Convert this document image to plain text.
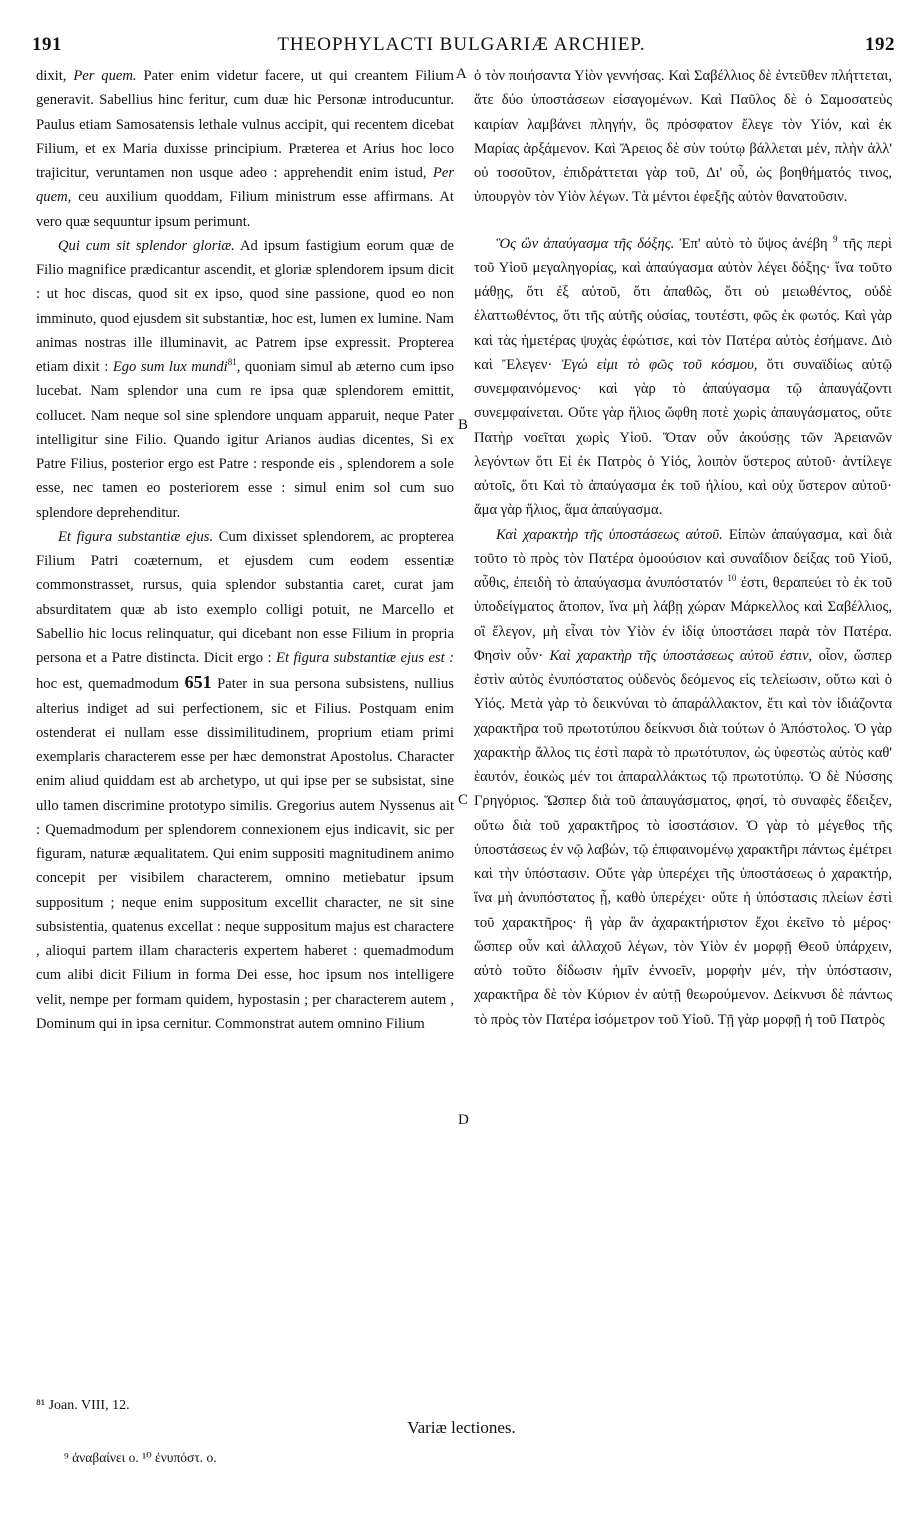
191	THEOPHYLACTI BULGARIÆ ARCHIEP.	192
A
B
C
D

dixit, Per quem. Pater enim videtur facere, ut qui creantem Filium generavit. Sabellius hinc feritur, cum duæ hic Personæ introducuntur. Paulus etiam Samosatensis lethale vulnus accipit, qui recentem dicebat Filium, et ex Maria duxisse principium. Præterea et Arius hoc loco trajicitur, veruntamen non usque adeo : apprehendit enim istud, Per quem, ceu auxilium quoddam, Filium ministrum esse affirmans. At vero quæ sequuntur ipsum perimunt.

Qui cum sit splendor gloriæ. Ad ipsum fastigium eorum quæ de Filio magnifice prædicantur ascendit, et gloriæ splendorem ipsum dicit : ut hoc discas, quod sit ex ipso, quod sine passione, quod eo non imminuto, quod ejusdem sit substantiæ, hoc est, lumen ex lumine. Nam animas nostras ille illuminavit, ac Patrem ipse expressit. Propterea etiam dixit : Ego sum lux mundi$^{81}$, quoniam simul ab æterno cum ipso lucebat. Nam splendor una cum re ipsa quæ splendorem emittit, collucet. Nam neque sol sine splendore unquam apparuit, neque Pater intelligitur sine Filio. Quando igitur Arianos audias dicentes, Si ex Patre Filius, posterior ergo est Patre : responde eis , splendorem a sole esse, nec tamen eo posteriorem esse : simul enim sol cum suo splendore deprehenditur.

Et figura substantiæ ejus. Cum dixisset splendorem, ac propterea Filium Patri coæternum, et ejusdem cum eodem essentiæ commonstrasset, rursus, quia splendor substantia caret, curat jam absurditatem quæ ab isto exemplo colligi potuit, ne Marcello et Sabellio hic locus relinquatur, qui dicebant non esse Filium in propria persona et a Patre distincta. Dicit ergo : Et figura substantiæ ejus est : hoc est, quemadmodum 651 Pater in sua persona subsistens, nullius alterius indiget ad sui perfectionem, sic et Filius. Postquam enim ostenderat ei nullam esse dissimilitudinem, proprium etiam primi exemplaris characterem esse per hæc demonstrat Apostolus. Character enim aliud quiddam est ab archetypo, ut qui ipse per se subsistat, sine ullo tamen discrimine prototypo similis. Gregorius autem Nyssenus ait : Quemadmodum per splendorem connexionem ejus indicavit, sic per figuram, naturæ æqualitatem. Qui enim suppositi magnitudinem animo concepit per visibilem characterem, omnino metiebatur ipsum suppositum ; neque enim suppositum excellit character, ne sit sine subsistentia, quatenus excellat : neque suppositum majus est charactere , alioqui partem illam characteris expertem haberet : quemadmodum cum alibi dicit Filium in forma Dei esse, hoc ipsum nos intelligere velit, nempe per formam quidem, hypostasin ; per characterem autem , Dominum qui in ipsa cernitur. Commonstrat autem omnino Filium

ὁ τὸν ποιήσαντα Υἱὸν γεννήσας. Καὶ Σαβέλλιος δὲ ἐντεῦθεν πλήττεται, ἅτε δύο ὑποστάσεων εἰσαγομένων. Καὶ Παῦλος δὲ ὁ Σαμοσατεὺς καιρίαν λαμβάνει πληγήν, ὃς πρόσφατον ἔλεγε τὸν Υἱόν, καὶ ἐκ Μαρίας ἀρξάμενον. Καὶ Ἄρειος δὲ σὺν τούτῳ βάλλεται μέν, πλὴν ἀλλ' οὐ τοσοῦτον, ἐπιδράττεται γὰρ τοῦ, Δι' οὗ, ὡς βοηθήματός τινος, ὑπουργὸν τὸν Υἱὸν λέγων. Τὰ μέντοι ἐφεξῆς αὐτὸν θανατοῦσιν.

Ὃς ὢν ἀπαύγασμα τῆς δόξης. Ἐπ' αὐτὸ τὸ ὕψος ἀνέβη $^9$ τῆς περὶ τοῦ Υἱοῦ μεγαληγορίας, καὶ ἀπαύγασμα αὐτὸν λέγει δόξης· ἵνα τοῦτο μάθῃς, ὅτι ἐξ αὐτοῦ, ὅτι ἀπαθῶς, ὅτι οὐ μειωθέντος, οὐδὲ ἐλαττωθέντος, ὅτι τῆς αὐτῆς οὐσίας, τουτέστι, φῶς ἐκ φωτός. Καὶ γὰρ καὶ τὰς ἡμετέρας ψυχὰς ἐφώτισε, καὶ τὸν Πατέρα αὐτὸς ἐσήμανε. Διὸ καὶ Ἔλεγεν· Ἐγώ εἰμι τὸ φῶς τοῦ κόσμου, ὅτι συναϊδίως αὐτῷ συνεμφαινόμενος· καὶ γὰρ τὸ ἀπαύγασμα τῷ ἀπαυγάζοντι συνεμφαίνεται. Οὔτε γὰρ ἥλιος ὤφθη ποτὲ χωρὶς ἀπαυγάσματος, οὔτε Πατὴρ νοεῖται χωρὶς Υἱοῦ. Ὅταν οὖν ἀκούσῃς τῶν Ἀρειανῶν λεγόντων ὅτι Εἰ ἐκ Πατρὸς ὁ Υἱός, λοιπὸν ὕστερος αὐτοῦ· ἀντίλεγε αὐτοῖς, ὅτι Καὶ τὸ ἀπαύγασμα ἐκ τοῦ ἡλίου, καὶ οὐχ ὕστερον αὐτοῦ· ἅμα γὰρ ἥλιος, ἅμα ἀπαύγασμα.

Καὶ χαρακτὴρ τῆς ὑποστάσεως αὐτοῦ. Εἰπὼν ἀπαύγασμα, καὶ διὰ τοῦτο τὸ πρὸς τὸν Πατέρα ὁμοούσιον καὶ συναΐδιον δείξας τοῦ Υἱοῦ, αὖθις, ἐπειδὴ τὸ ἀπαύγασμα ἀνυπόστατόν $^{10}$ ἐστι, θεραπεύει τὸ ἐκ τοῦ ὑποδείγματος ἄτοπον, ἵνα μὴ λάβῃ χώραν Μάρκελλος καὶ Σαβέλλιος, οἳ ἔλεγον, μὴ εἶναι τὸν Υἱὸν ἐν ἰδίᾳ ὑποστάσει παρὰ τὸν Πατέρα. Φησὶν οὖν· Καὶ χαρακτὴρ τῆς ὑποστάσεως αὐτοῦ ἐστιν, οἷον, ὥσπερ ἐστὶν αὐτὸς ἐνυπόστατος οὐδενὸς δεόμενος εἰς τελείωσιν, οὕτω καὶ ὁ Υἱός. Μετὰ γὰρ τὸ δεικνύναι τὸ ἀπαράλλακτον, ἔτι καὶ τὸν ἰδιάζοντα χαρακτῆρα τοῦ πρωτοτύπου δείκνυσι διὰ τούτων ὁ Ἀπόστολος. Ὁ γὰρ χαρακτὴρ ἄλλος τις ἐστὶ παρὰ τὸ πρωτότυπον, ὡς ὑφεστὼς αὐτὸς καθ' ἑαυτόν, ἐοικὼς μέν τοι ἀπαραλλάκτως τῷ πρωτοτύπῳ. Ὁ δὲ Νύσσης Γρηγόριος. Ὥσπερ διὰ τοῦ ἀπαυγάσματος, φησί, τὸ συναφὲς ἔδειξεν, οὕτω διὰ τοῦ χαρακτῆρος τὸ ἰσοστάσιον. Ὁ γὰρ τὸ μέγεθος τῆς ὑποστάσεως ἐν νῷ λαβών, τῷ ἐπιφαινομένῳ χαρακτῆρι πάντως ἐμέτρει καὶ τὴν ὑπόστασιν. Οὔτε γὰρ ὑπερέχει τῆς ὑποστάσεως ὁ χαρακτήρ, ἵνα μὴ ἀνυπόστατος ᾖ, καθὸ ὑπερέχει· οὔτε ἡ ὑπόστασις πλείων ἐστὶ τοῦ χαρακτῆρος· ἢ γὰρ ἂν ἀχαρακτήριστον ἔχοι ἐκεῖνο τὸ μέρος· ὥσπερ οὖν καὶ ἀλλαχοῦ λέγων, τὸν Υἱὸν ἐν μορφῇ Θεοῦ ὑπάρχειν, αὐτὸ τοῦτο δίδωσιν ἡμῖν ἐννοεῖν, μορφὴν μέν, τὴν ὑπόστασιν, χαρακτῆρα δὲ τὸν Κύριον ἐν αὐτῇ θεωρούμενον. Δείκνυσι δὲ πάντως τὸ πρὸς τὸν Πατέρα ἰσόμετρον τοῦ Υἱοῦ. Τῇ γὰρ μορφῇ ἡ τοῦ Πατρὸς

⁸¹ Joan. VIII, 12.
Variæ lectiones.
⁹ ἀναβαίνει ο. ¹⁰ ἐνυπόστ. ο.
